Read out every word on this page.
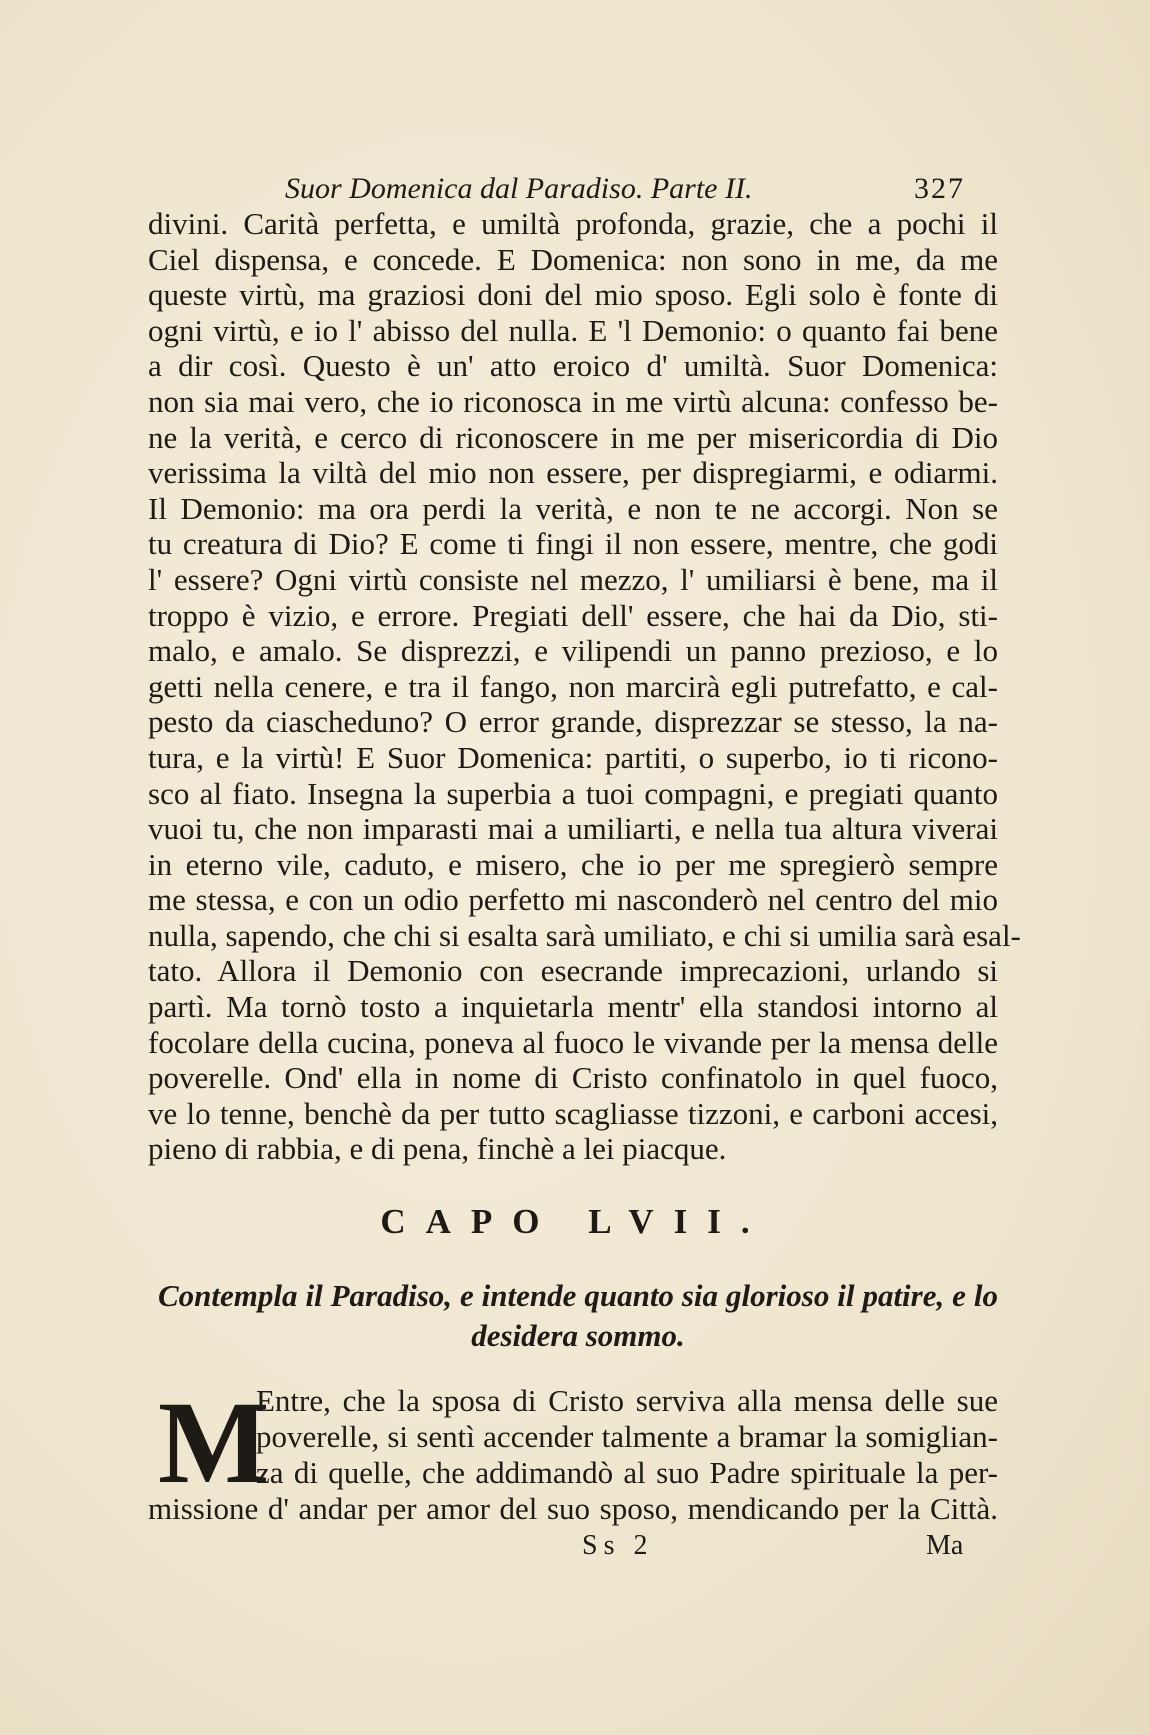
Suor Domenica dal Paradiso. Parte II.	327
divini. Carità perfetta, e umiltà profonda, grazie, che a pochi il
Ciel dispensa, e concede. E Domenica: non sono in me, da me
queste virtù, ma graziosi doni del mio sposo. Egli solo è fonte di
ogni virtù, e io l' abisso del nulla. E 'l Demonio: o quanto fai bene
a dir così. Questo è un' atto eroico d' umiltà. Suor Domenica:
non sia mai vero, che io riconosca in me virtù alcuna: confesso be-
ne la verità, e cerco di riconoscere in me per misericordia di Dio
verissima la viltà del mio non essere, per dispregiarmi, e odiarmi.
Il Demonio: ma ora perdi la verità, e non te ne accorgi. Non se
tu creatura di Dio? E come ti fingi il non essere, mentre, che godi
l' essere? Ogni virtù consiste nel mezzo, l' umiliarsi è bene, ma il
troppo è vizio, e errore. Pregiati dell' essere, che hai da Dio, sti-
malo, e amalo. Se disprezzi, e vilipendi un panno prezioso, e lo
getti nella cenere, e tra il fango, non marcirà egli putrefatto, e cal-
pesto da ciascheduno? O error grande, disprezzar se stesso, la na-
tura, e la virtù! E Suor Domenica: partiti, o superbo, io ti ricono-
sco al fiato. Insegna la superbia a tuoi compagni, e pregiati quanto
vuoi tu, che non imparasti mai a umiliarti, e nella tua altura viverai
in eterno vile, caduto, e misero, che io per me spregierò sempre
me stessa, e con un odio perfetto mi nasconderò nel centro del mio
nulla, sapendo, che chi si esalta sarà umiliato, e chi si umilia sarà esal-
tato. Allora il Demonio con esecrande imprecazioni, urlando si
partì. Ma tornò tosto a inquietarla mentr' ella standosi intorno al
focolare della cucina, poneva al fuoco le vivande per la mensa delle
poverelle. Ond' ella in nome di Cristo confinatolo in quel fuoco,
ve lo tenne, benchè da per tutto scagliasse tizzoni, e carboni accesi,
pieno di rabbia, e di pena, finchè a lei piacque.
CAPO LVII.
Contempla il Paradiso, e intende quanto sia glorioso il patire, e lo
desidera sommo.
M
Entre, che la sposa di Cristo serviva alla mensa delle sue
poverelle, si sentì accender talmente a bramar la somiglian-
za di quelle, che addimandò al suo Padre spirituale la per-
missione d' andar per amor del suo sposo, mendicando per la Città.
Ss 2	Ma
